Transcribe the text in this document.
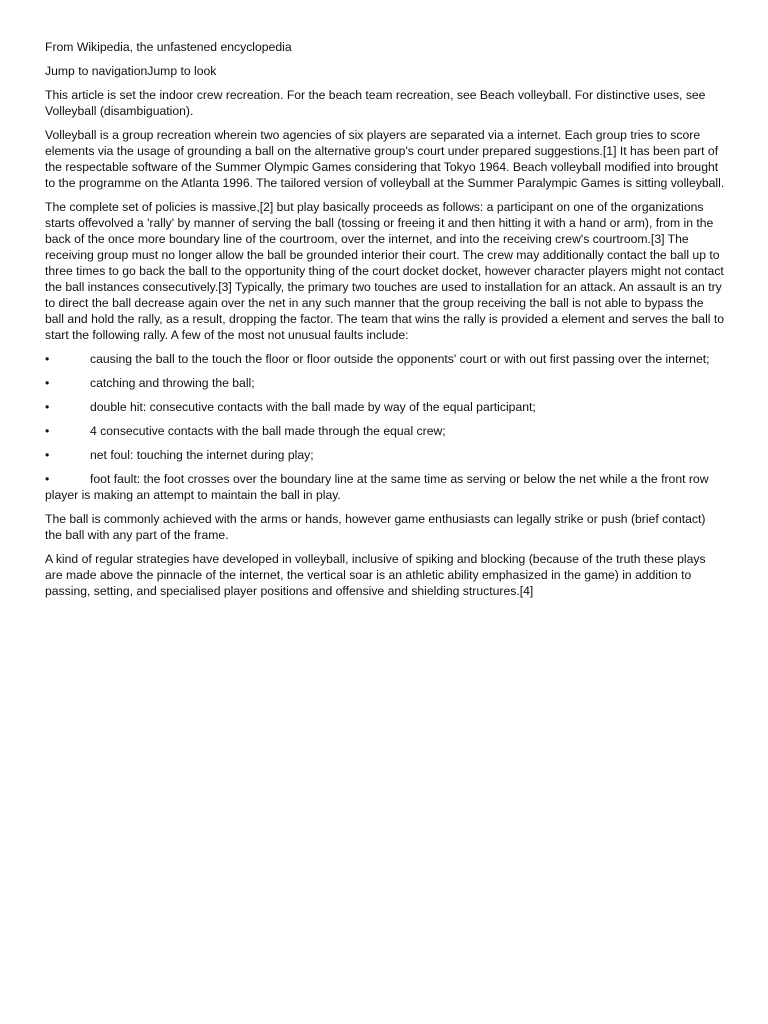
From Wikipedia, the unfastened encyclopedia

Jump to navigationJump to look

This article is set the indoor crew recreation. For the beach team recreation, see Beach volleyball. For distinctive uses, see Volleyball (disambiguation).

Volleyball is a group recreation wherein two agencies of six players are separated via a internet. Each group tries to score elements via the usage of grounding a ball on the alternative group's court under prepared suggestions.[1] It has been part of the respectable software of the Summer Olympic Games considering that Tokyo 1964. Beach volleyball modified into brought to the programme on the Atlanta 1996. The tailored version of volleyball at the Summer Paralympic Games is sitting volleyball.

The complete set of policies is massive,[2] but play basically proceeds as follows: a participant on one of the organizations starts offevolved a 'rally' by manner of serving the ball (tossing or freeing it and then hitting it with a hand or arm), from in the back of the once more boundary line of the courtroom, over the internet, and into the receiving crew's courtroom.[3] The receiving group must no longer allow the ball be grounded interior their court. The crew may additionally contact the ball up to three times to go back the ball to the opportunity thing of the court docket docket, however character players might not contact the ball instances consecutively.[3] Typically, the primary two touches are used to installation for an attack. An assault is an try to direct the ball decrease again over the net in any such manner that the group receiving the ball is not able to bypass the ball and hold the rally, as a result, dropping the factor. The team that wins the rally is provided a element and serves the ball to start the following rally. A few of the most not unusual faults include:

•	causing the ball to the touch the floor or floor outside the opponents' court or with out first passing over the internet;
•	catching and throwing the ball;
•	double hit: consecutive contacts with the ball made by way of the equal participant;
•	4 consecutive contacts with the ball made through the equal crew;
•	net foul: touching the internet during play;
•	foot fault: the foot crosses over the boundary line at the same time as serving or below the net while a the front row player is making an attempt to maintain the ball in play.

The ball is commonly achieved with the arms or hands, however game enthusiasts can legally strike or push (brief contact) the ball with any part of the frame.

A kind of regular strategies have developed in volleyball, inclusive of spiking and blocking (because of the truth these plays are made above the pinnacle of the internet, the vertical soar is an athletic ability emphasized in the game) in addition to passing, setting, and specialised player positions and offensive and shielding structures.[4]
